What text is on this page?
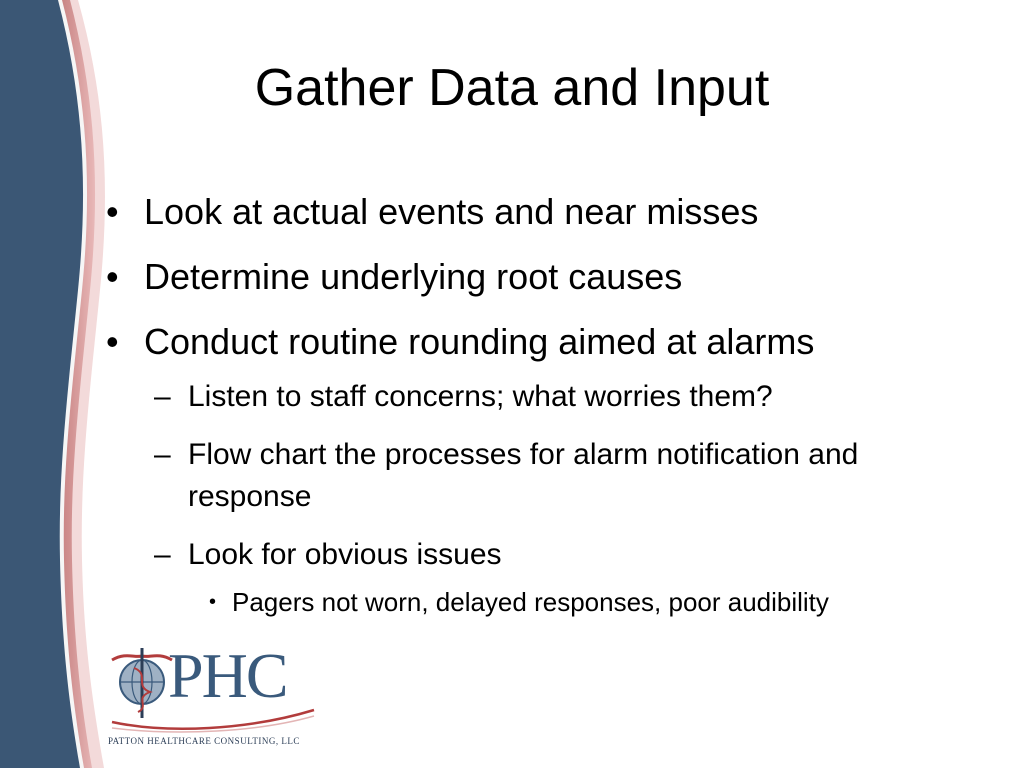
Gather Data and Input
• Look at actual events and near misses
• Determine underlying root causes
• Conduct routine rounding aimed at alarms
– Listen to staff concerns; what worries them?
– Flow chart the processes for alarm notification and response
– Look for obvious issues
• Pagers not worn, delayed responses, poor audibility
PHC
PATTON HEALTHCARE CONSULTING, LLC
